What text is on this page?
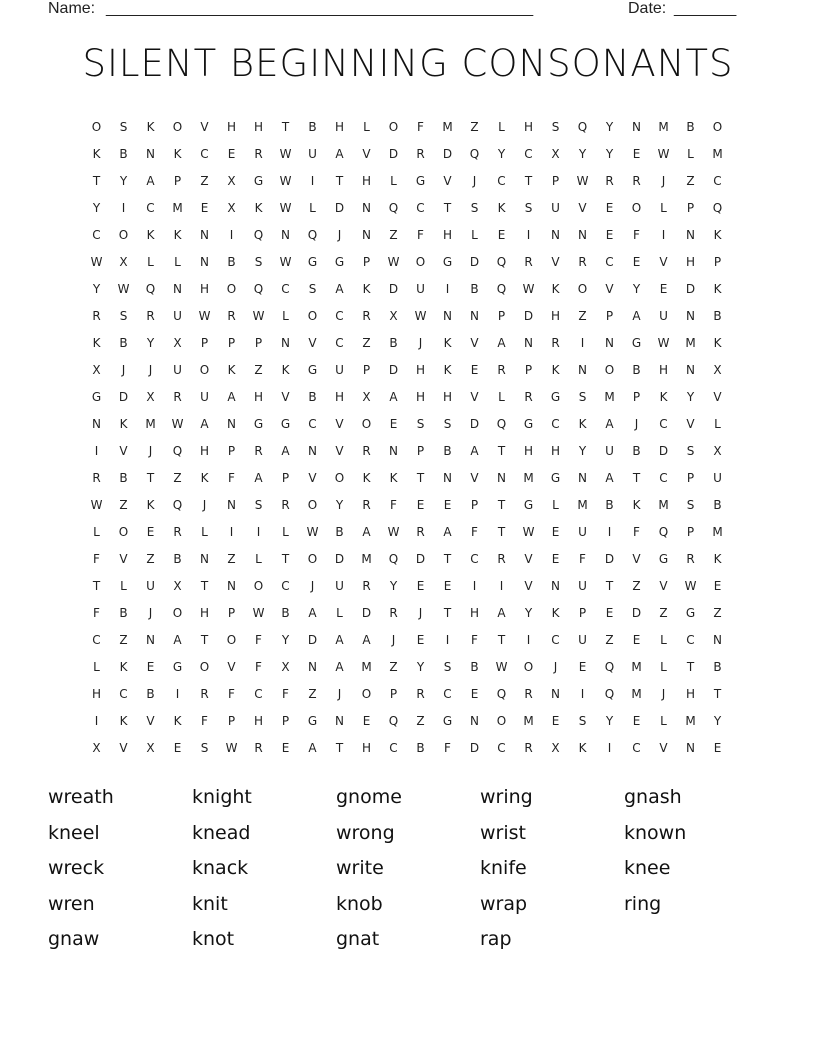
Name: ________________________________________________	Date: _______
SILENT BEGINNING CONSONANTS
O	S	K	O	V	H	H	T	B	H	L	O	F	M	Z	L	H	S	Q	Y	N	M	B	O
K	B	N	K	C	E	R	W	U	A	V	D	R	D	Q	Y	C	X	Y	Y	E	W	L	M
T	Y	A	P	Z	X	G	W	I	T	H	L	G	V	J	C	T	P	W	R	R	J	Z	C
Y	I	C	M	E	X	K	W	L	D	N	Q	C	T	S	K	S	U	V	E	O	L	P	Q
C	O	K	K	N	I	Q	N	Q	J	N	Z	F	H	L	E	I	N	N	E	F	I	N	K
W	X	L	L	N	B	S	W	G	G	P	W	O	G	D	Q	R	V	R	C	E	V	H	P
Y	W	Q	N	H	O	Q	C	S	A	K	D	U	I	B	Q	W	K	O	V	Y	E	D	K
R	S	R	U	W	R	W	L	O	C	R	X	W	N	N	P	D	H	Z	P	A	U	N	B
K	B	Y	X	P	P	P	N	V	C	Z	B	J	K	V	A	N	R	I	N	G	W	M	K
X	J	J	U	O	K	Z	K	G	U	P	D	H	K	E	R	P	K	N	O	B	H	N	X
G	D	X	R	U	A	H	V	B	H	X	A	H	H	V	L	R	G	S	M	P	K	Y	V
N	K	M	W	A	N	G	G	C	V	O	E	S	S	D	Q	G	C	K	A	J	C	V	L
I	V	J	Q	H	P	R	A	N	V	R	N	P	B	A	T	H	H	Y	U	B	D	S	X
R	B	T	Z	K	F	A	P	V	O	K	K	T	N	V	N	M	G	N	A	T	C	P	U
W	Z	K	Q	J	N	S	R	O	Y	R	F	E	E	P	T	G	L	M	B	K	M	S	B
L	O	E	R	L	I	I	L	W	B	A	W	R	A	F	T	W	E	U	I	F	Q	P	M
F	V	Z	B	N	Z	L	T	O	D	M	Q	D	T	C	R	V	E	F	D	V	G	R	K
T	L	U	X	T	N	O	C	J	U	R	Y	E	E	I	I	V	N	U	T	Z	V	W	E
F	B	J	O	H	P	W	B	A	L	D	R	J	T	H	A	Y	K	P	E	D	Z	G	Z
C	Z	N	A	T	O	F	Y	D	A	A	J	E	I	F	T	I	C	U	Z	E	L	C	N
L	K	E	G	O	V	F	X	N	A	M	Z	Y	S	B	W	O	J	E	Q	M	L	T	B
H	C	B	I	R	F	C	F	Z	J	O	P	R	C	E	Q	R	N	I	Q	M	J	H	T
I	K	V	K	F	P	H	P	G	N	E	Q	Z	G	N	O	M	E	S	Y	E	L	M	Y
X	V	X	E	S	W	R	E	A	T	H	C	B	F	D	C	R	X	K	I	C	V	N	E
wreath	knight	gnome	wring	gnash
kneel	knead	wrong	wrist	known
wreck	knack	write	knife	knee
wren	knit	knob	wrap	ring
gnaw	knot	gnat	rap
